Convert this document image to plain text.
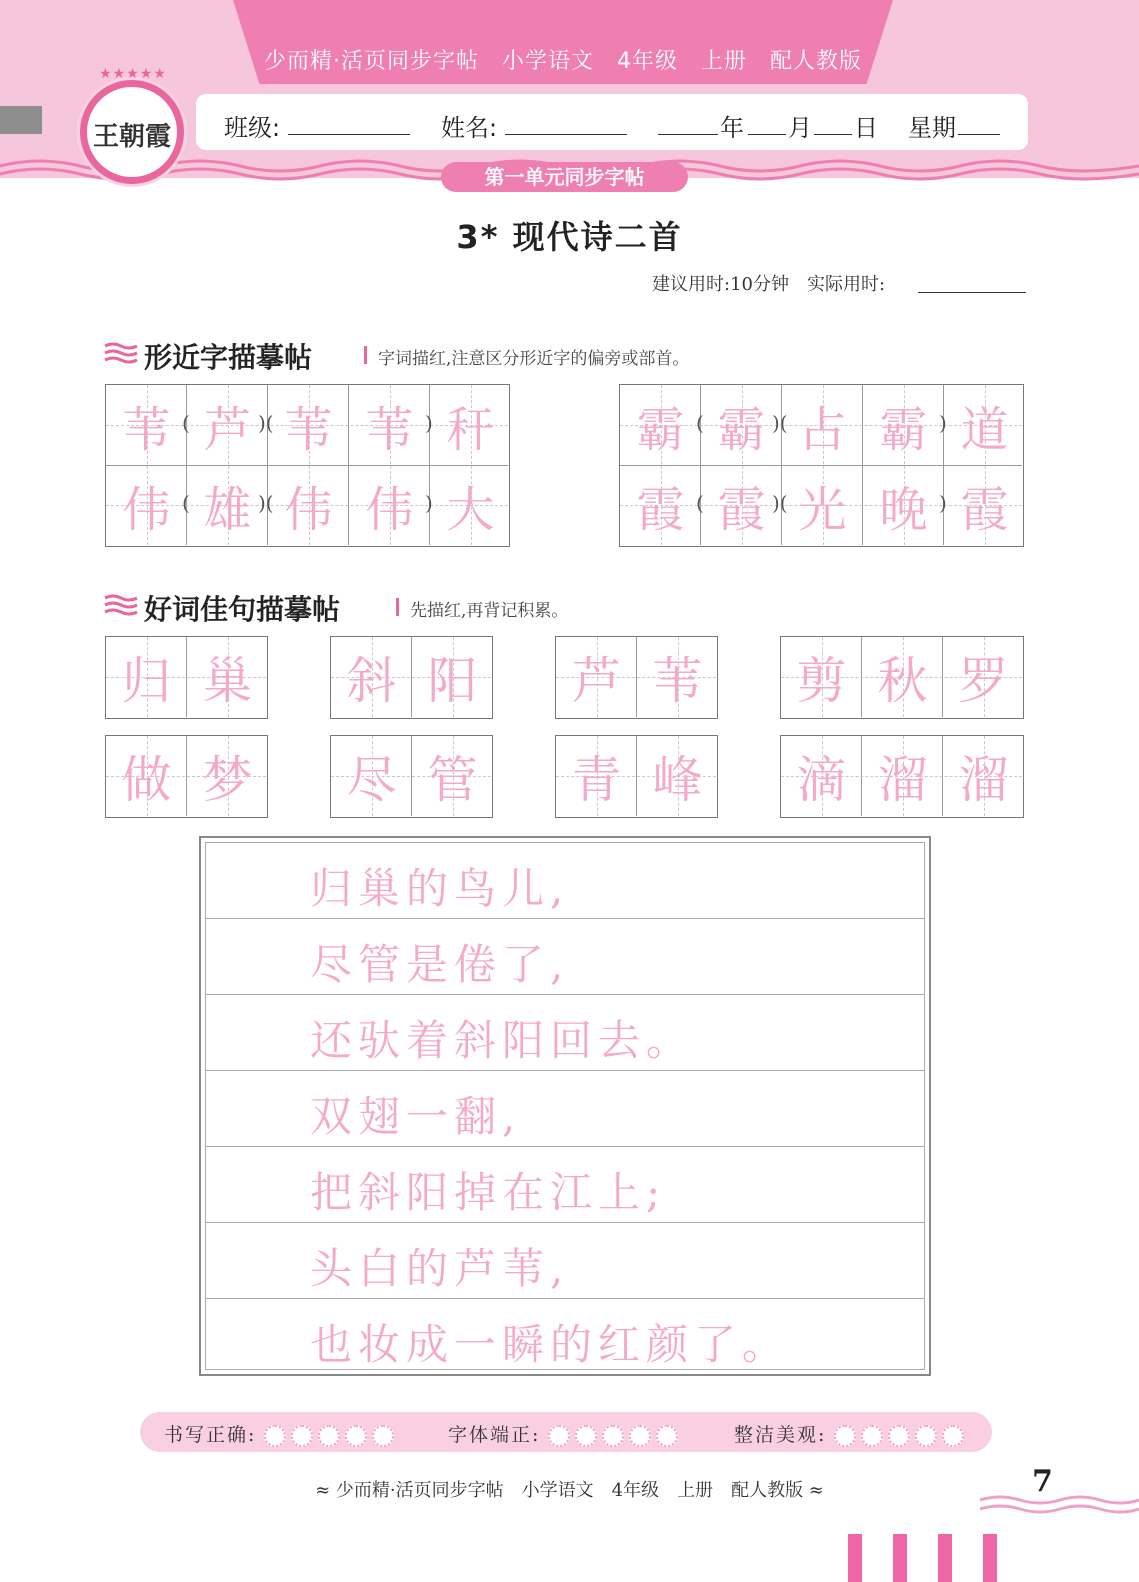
少而精·活页同步字帖　小学语文　4年级　上册　配人教版
班级:	姓名:	年 月 日 星期
★★★★★
王朝霞
第一单元同步字帖
3* 现代诗二首
建议用时:10分钟　实际用时:
形近字描摹帖	字词描红,注意区分形近字的偏旁或部首。
苇 芦 苇 苇 秆
(	)(	)
伟 雄 伟 伟 大
(	)(	)
霸 霸 占 霸 道
(	)(	)
霞 霞 光 晚 霞
(	)(	)
好词佳句描摹帖	先描红,再背记积累。
归 巢	斜 阳	芦 苇	剪 秋 罗
做 梦	尽 管	青 峰	滴 溜 溜
归巢的鸟儿,
尽管是倦了,
还驮着斜阳回去。
双翅一翻,
把斜阳掉在江上;
头白的芦苇,
也妆成一瞬的红颜了。
书写正确:	字体端正:	整洁美观:
≈ 少而精·活页同步字帖　小学语文　4年级　上册　配人教版 ≈	7
